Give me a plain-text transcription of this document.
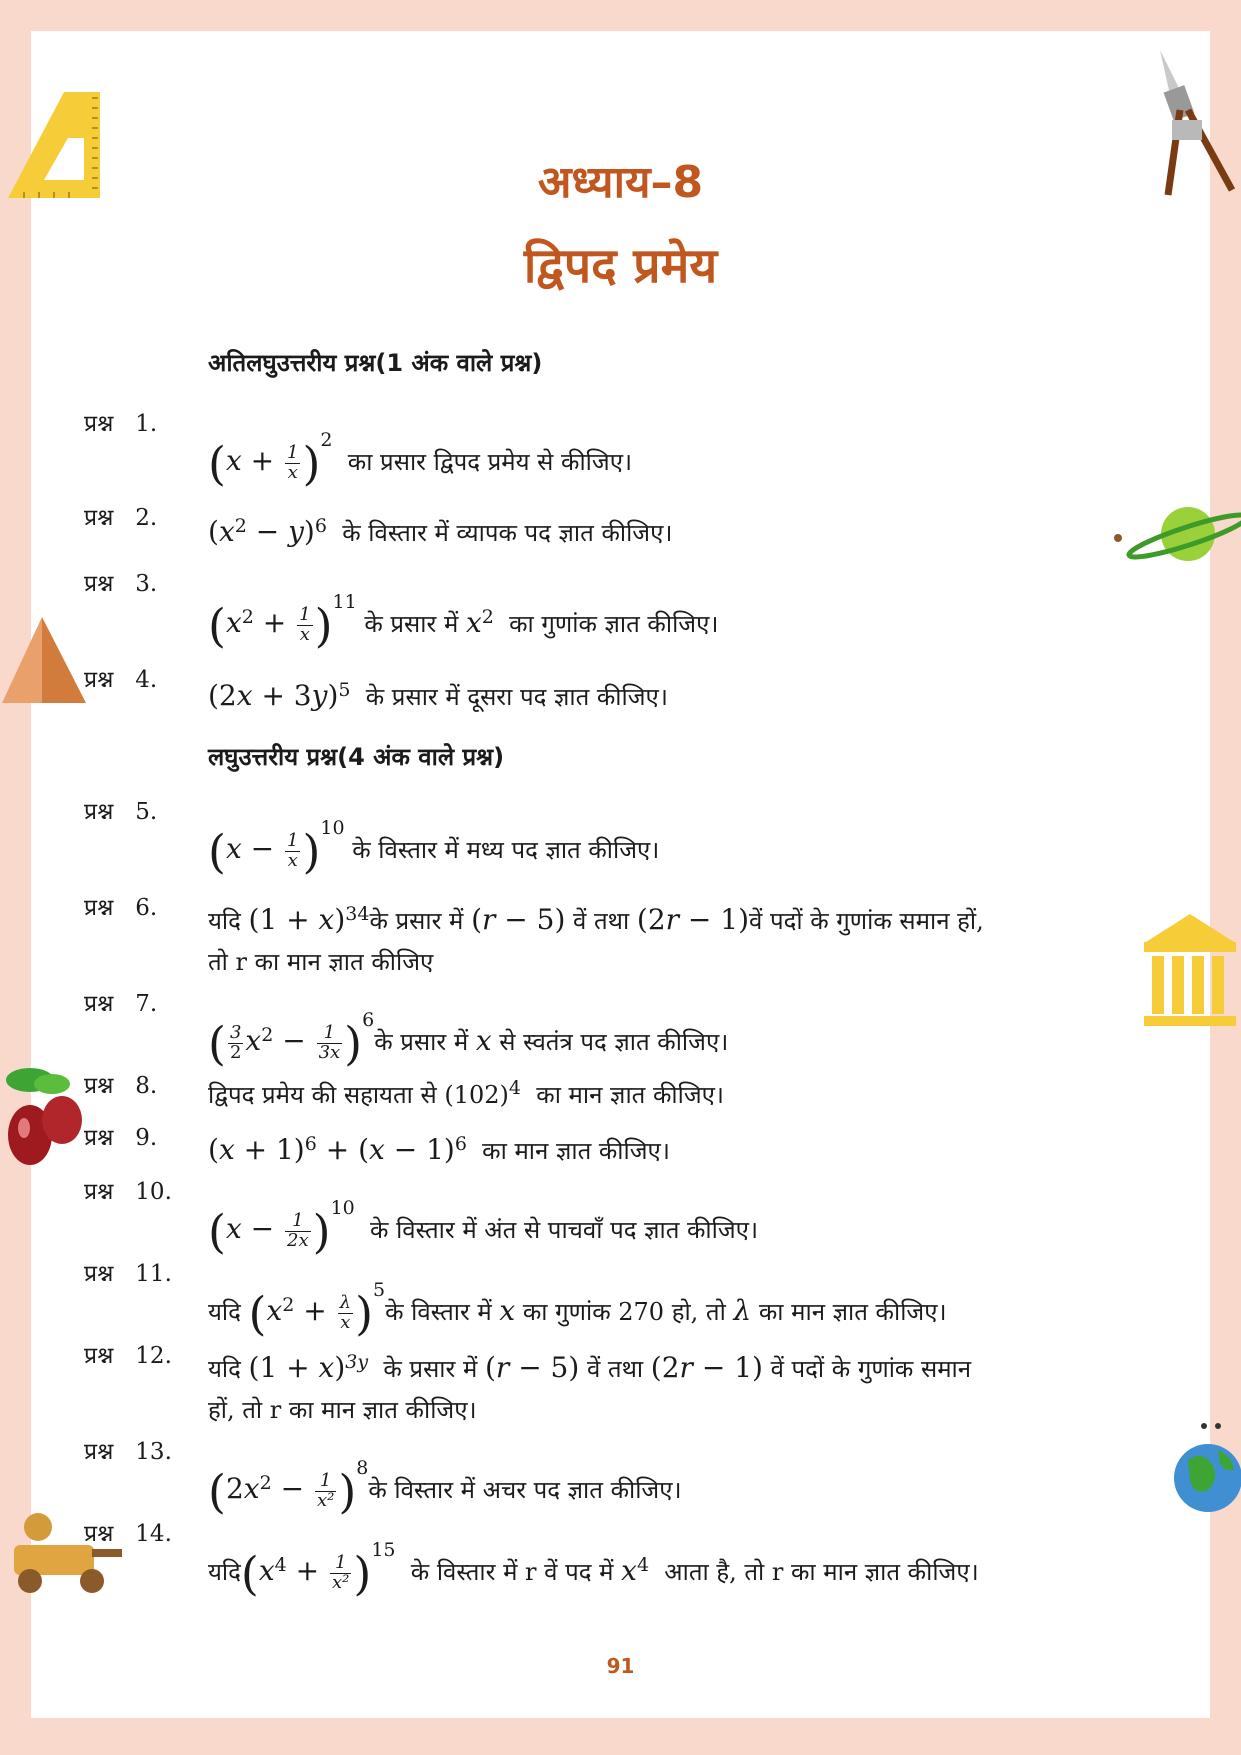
अध्याय–8
द्विपद प्रमेय
अतिलघुउत्तरीय प्रश्न(1 अंक वाले प्रश्न)
प्रश्न 1.
$(x + \frac{1}{x} )^2$  का प्रसार द्विपद प्रमेय से कीजिए।
प्रश्न 2. $(x^2 - y)^6$ के विस्तार में व्यापक पद ज्ञात कीजिए।
प्रश्न 3.
$(x^2 + \frac{1}{x} )^{11}$ के प्रसार में $x^2$ का गुणांक ज्ञात कीजिए।
प्रश्न 4. $(2x + 3y)^5$ के प्रसार में दूसरा पद ज्ञात कीजिए।
लघुउत्तरीय प्रश्न(4 अंक वाले प्रश्न)
प्रश्न 5.
$(x - \frac{1}{x} )^{10}$ के विस्तार में मध्य पद ज्ञात कीजिए।
प्रश्न 6. यदि $(1 + x)^{34}के$ प्रसार में (r − 5) वें तथा (2r − 1)वें पदों के गुणांक समान हों,
तो r का मान ज्ञात कीजिए
प्रश्न 7.
( $\frac{3}{2} x^2 - \frac{1}{3x}$ )$^6$के प्रसार में x से स्वतंत्र पद ज्ञात कीजिए।
प्रश्न 8. द्विपद प्रमेय की सहायता से $(102)^4$ का मान ज्ञात कीजिए।
प्रश्न 9. $(x + 1)^6 + (x - 1)^6$ का मान ज्ञात कीजिए।
प्रश्न 10.
$(x - \frac{1}{2x} )^{10}$  के विस्तार में अंत से पाचवाँ पद ज्ञात कीजिए।
प्रश्न 11.
यदि ($x^2 + \frac{\lambda}{x}$ )$^5के$ विस्तार में x का गुणांक 270 हो, तो λ का मान ज्ञात कीजिए।
प्रश्न 12. यदि $(1 + x)^{3y}$ के प्रसार में (r − 5) वें तथा (2r − 1) वें पदों के गुणांक समान
हों, तो r का मान ज्ञात कीजिए।
प्रश्न 13.
($2x^2 - \frac{1}{\text{x²}}$ )$^8के$ विस्तार में अचर पद ज्ञात कीजिए।
प्रश्न 14.
$यदि(x^4 + \frac{1}{\text{x²}} )^{15}$  के विस्तार में r वें पद में $x^4$ आता है, तो r का मान ज्ञात कीजिए।
91
